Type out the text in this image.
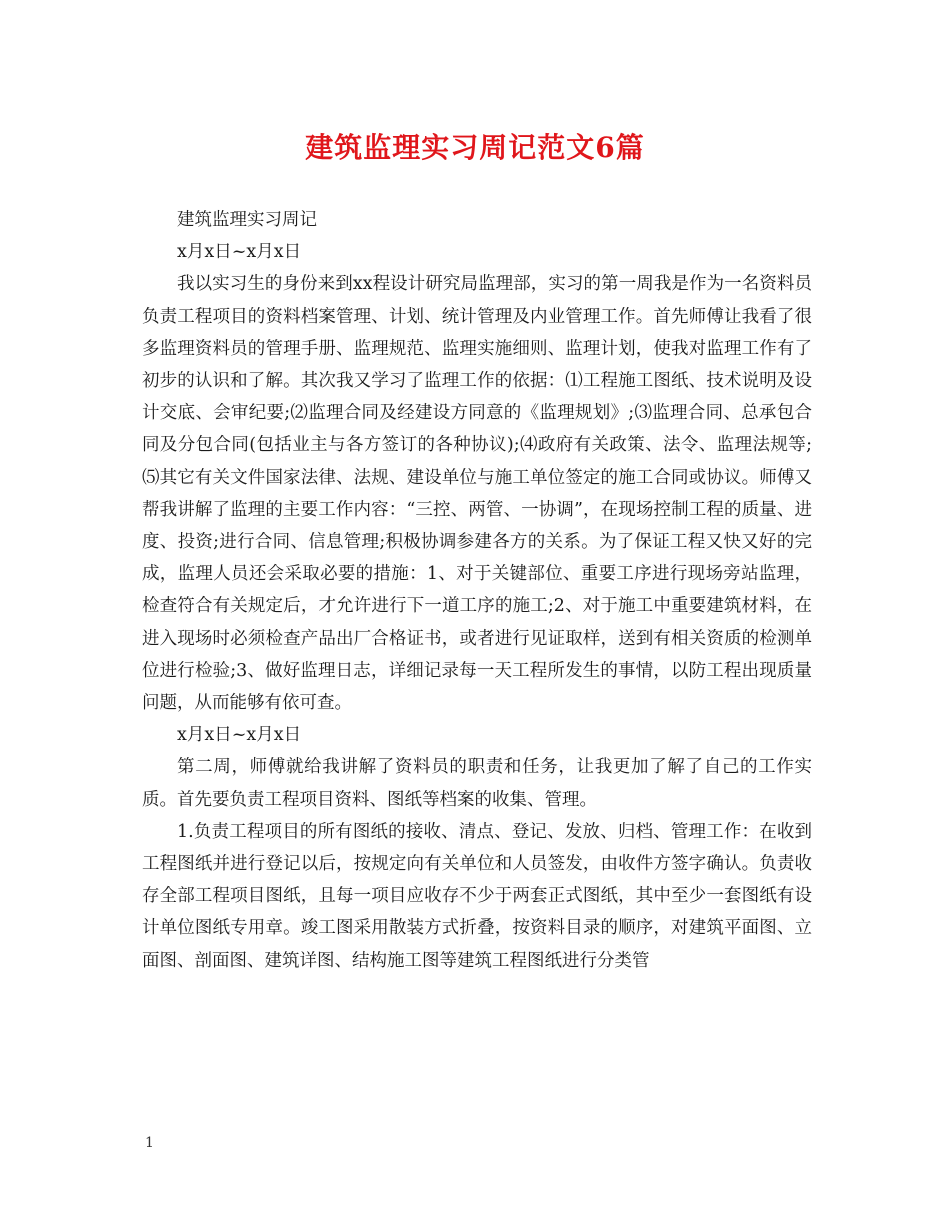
建筑监理实习周记范文6篇

建筑监理实习周记

x月x日~x月x日

我以实习生的身份来到xx程设计研究局监理部，实习的第一周我是作为一名资料员负责工程项目的资料档案管理、计划、统计管理及内业管理工作。首先师傅让我看了很多监理资料员的管理手册、监理规范、监理实施细则、监理计划，使我对监理工作有了初步的认识和了解。其次我又学习了监理工作的依据：⑴工程施工图纸、技术说明及设计交底、会审纪要;⑵监理合同及经建设方同意的《监理规划》;⑶监理合同、总承包合同及分包合同(包括业主与各方签订的各种协议);⑷政府有关政策、法令、监理法规等;⑸其它有关文件国家法律、法规、建设单位与施工单位签定的施工合同或协议。师傅又帮我讲解了监理的主要工作内容：“三控、两管、一协调”，在现场控制工程的质量、进度、投资;进行合同、信息管理;积极协调参建各方的关系。为了保证工程又快又好的完成，监理人员还会采取必要的措施：1、对于关键部位、重要工序进行现场旁站监理，检查符合有关规定后，才允许进行下一道工序的施工;2、对于施工中重要建筑材料，在进入现场时必须检查产品出厂合格证书，或者进行见证取样，送到有相关资质的检测单位进行检验;3、做好监理日志，详细记录每一天工程所发生的事情，以防工程出现质量问题，从而能够有依可查。

x月x日~x月x日

第二周，师傅就给我讲解了资料员的职责和任务，让我更加了解了自己的工作实质。首先要负责工程项目资料、图纸等档案的收集、管理。

1.负责工程项目的所有图纸的接收、清点、登记、发放、归档、管理工作：在收到工程图纸并进行登记以后，按规定向有关单位和人员签发，由收件方签字确认。负责收存全部工程项目图纸，且每一项目应收存不少于两套正式图纸，其中至少一套图纸有设计单位图纸专用章。竣工图采用散装方式折叠，按资料目录的顺序，对建筑平面图、立面图、剖面图、建筑详图、结构施工图等建筑工程图纸进行分类管

1
